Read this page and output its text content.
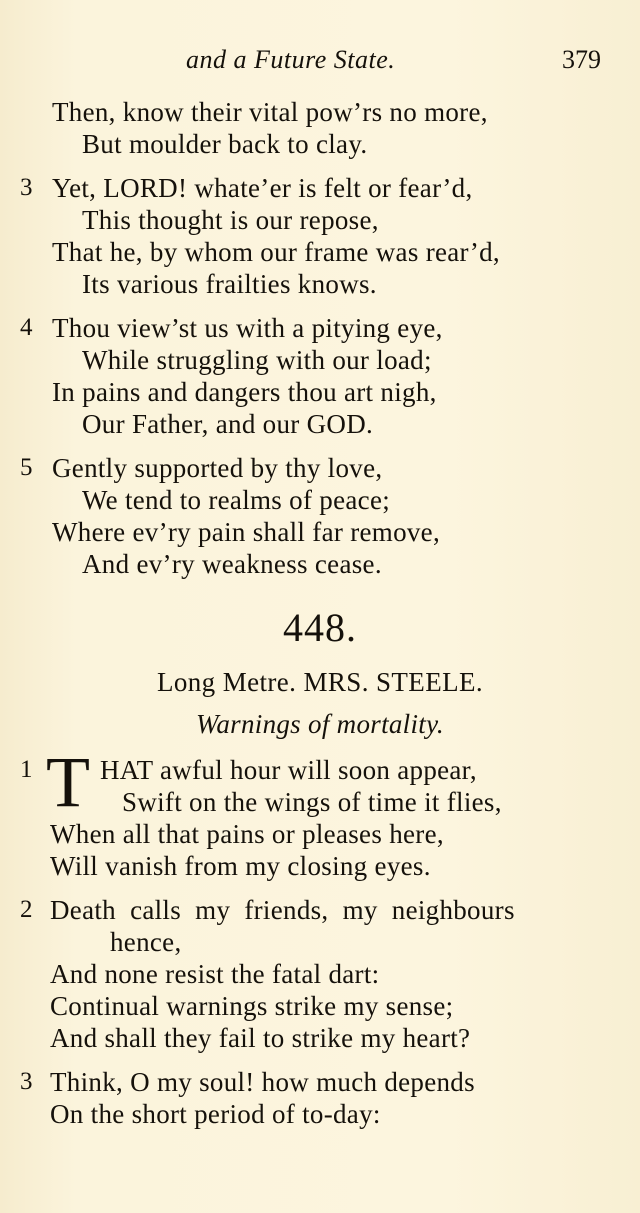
and a Future State.	379
Then, know their vital pow’rs no more,
But moulder back to clay.
3 Yet, LORD! whate’er is felt or fear’d,
This thought is our repose,
That he, by whom our frame was rear’d,
Its various frailties knows.
4 Thou view’st us with a pitying eye,
While struggling with our load;
In pains and dangers thou art nigh,
Our Father, and our GOD.
5 Gently supported by thy love,
We tend to realms of peace;
Where ev’ry pain shall far remove,
And ev’ry weakness cease.
448.
Long Metre. MRS. STEELE.
Warnings of mortality.
1 T HAT awful hour will soon appear,
Swift on the wings of time it flies,
When all that pains or pleases here,
Will vanish from my closing eyes.
2 Death  calls  my  friends,  my  neighbours
hence,
And none resist the fatal dart:
Continual warnings strike my sense;
And shall they fail to strike my heart?
3 Think, O my soul! how much depends
On the short period of to-day:
